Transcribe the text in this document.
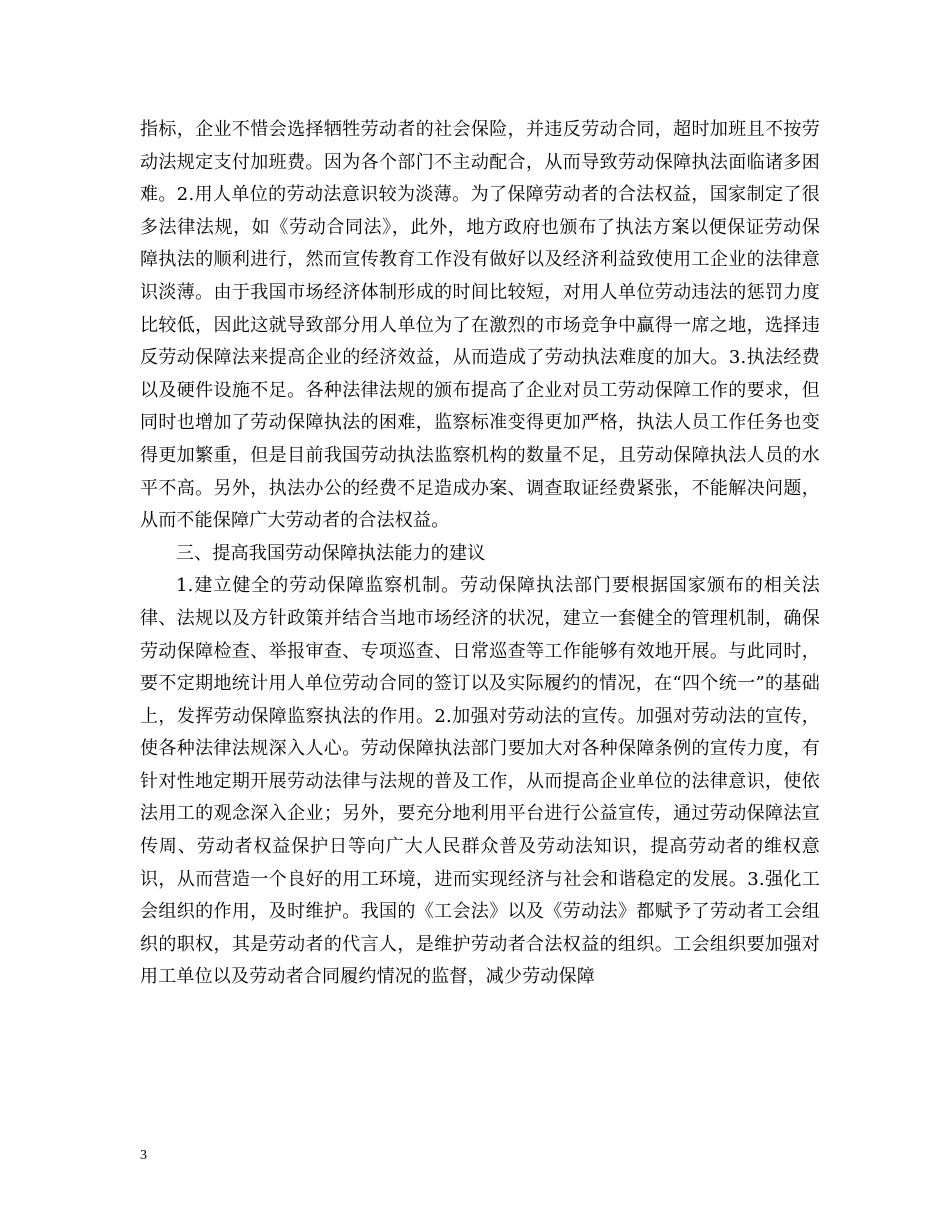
指标，企业不惜会选择牺牲劳动者的社会保险，并违反劳动合同，超时加班且不按劳动法规定支付加班费。因为各个部门不主动配合，从而导致劳动保障执法面临诸多困难。2.用人单位的劳动法意识较为淡薄。为了保障劳动者的合法权益，国家制定了很多法律法规，如《劳动合同法》，此外，地方政府也颁布了执法方案以便保证劳动保障执法的顺利进行，然而宣传教育工作没有做好以及经济利益致使用工企业的法律意识淡薄。由于我国市场经济体制形成的时间比较短，对用人单位劳动违法的惩罚力度比较低，因此这就导致部分用人单位为了在激烈的市场竞争中赢得一席之地，选择违反劳动保障法来提高企业的经济效益，从而造成了劳动执法难度的加大。3.执法经费以及硬件设施不足。各种法律法规的颁布提高了企业对员工劳动保障工作的要求，但同时也增加了劳动保障执法的困难，监察标准变得更加严格，执法人员工作任务也变得更加繁重，但是目前我国劳动执法监察机构的数量不足，且劳动保障执法人员的水平不高。另外，执法办公的经费不足造成办案、调查取证经费紧张，不能解决问题，从而不能保障广大劳动者的合法权益。

三、提高我国劳动保障执法能力的建议

1.建立健全的劳动保障监察机制。劳动保障执法部门要根据国家颁布的相关法律、法规以及方针政策并结合当地市场经济的状况，建立一套健全的管理机制，确保劳动保障检查、举报审查、专项巡查、日常巡查等工作能够有效地开展。与此同时，要不定期地统计用人单位劳动合同的签订以及实际履约的情况，在“四个统一”的基础上，发挥劳动保障监察执法的作用。2.加强对劳动法的宣传。加强对劳动法的宣传，使各种法律法规深入人心。劳动保障执法部门要加大对各种保障条例的宣传力度，有针对性地定期开展劳动法律与法规的普及工作，从而提高企业单位的法律意识，使依法用工的观念深入企业；另外，要充分地利用平台进行公益宣传，通过劳动保障法宣传周、劳动者权益保护日等向广大人民群众普及劳动法知识，提高劳动者的维权意识，从而营造一个良好的用工环境，进而实现经济与社会和谐稳定的发展。3.强化工会组织的作用，及时维护。我国的《工会法》以及《劳动法》都赋予了劳动者工会组织的职权，其是劳动者的代言人，是维护劳动者合法权益的组织。工会组织要加强对用工单位以及劳动者合同履约情况的监督，减少劳动保障

3
